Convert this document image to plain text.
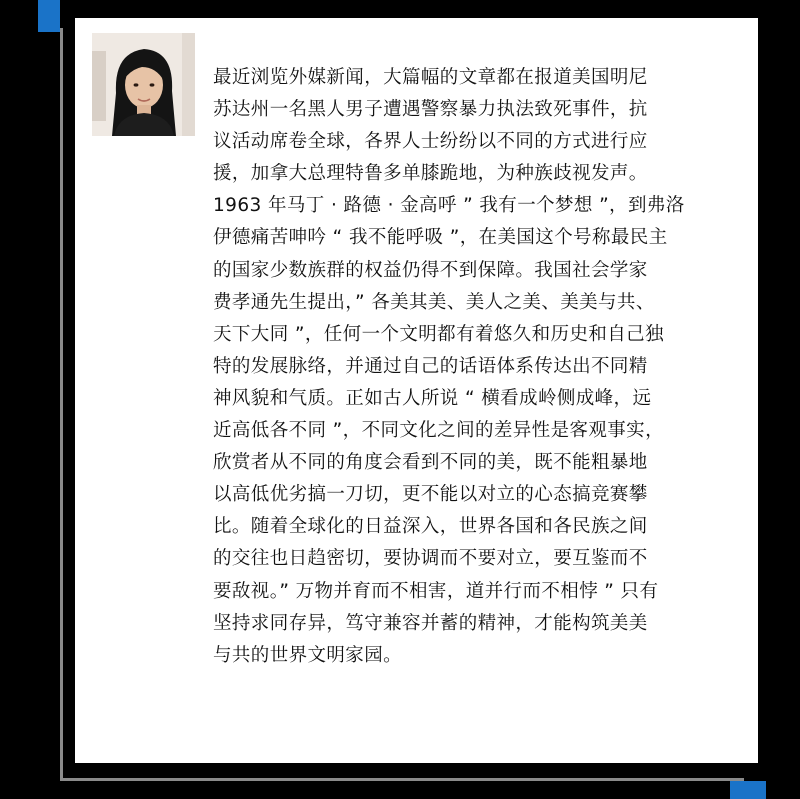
最近浏览外媒新闻，大篇幅的文章都在报道美国明尼
苏达州一名黑人男子遭遇警察暴力执法致死事件，抗
议活动席卷全球，各界人士纷纷以不同的方式进行应
援，加拿大总理特鲁多单膝跪地，为种族歧视发声。
1963 年马丁 · 路德 · 金高呼 ” 我有一个梦想 ”，到弗洛
伊德痛苦呻吟 “ 我不能呼吸 ”，在美国这个号称最民主
的国家少数族群的权益仍得不到保障。我国社会学家
费孝通先生提出，” 各美其美、美人之美、美美与共、
天下大同 ”，任何一个文明都有着悠久和历史和自己独
特的发展脉络，并通过自己的话语体系传达出不同精
神风貌和气质。正如古人所说 “ 横看成岭侧成峰，远
近高低各不同 ”，不同文化之间的差异性是客观事实，
欣赏者从不同的角度会看到不同的美，既不能粗暴地
以高低优劣搞一刀切，更不能以对立的心态搞竞赛攀
比。随着全球化的日益深入，世界各国和各民族之间
的交往也日趋密切，要协调而不要对立，要互鉴而不
要敌视。” 万物并育而不相害，道并行而不相悖 ” 只有
坚持求同存异，笃守兼容并蓄的精神，才能构筑美美
与共的世界文明家园。
